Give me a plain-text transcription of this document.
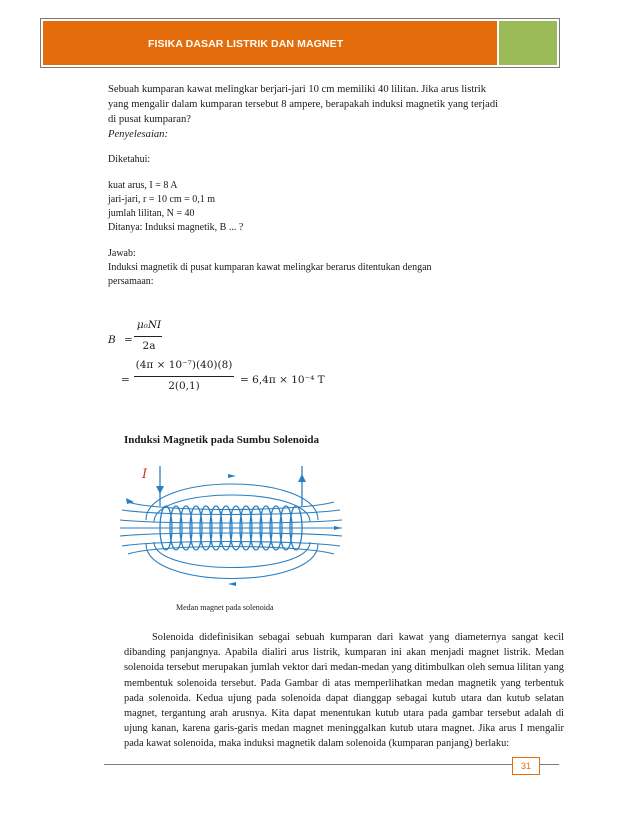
FISIKA DASAR LISTRIK DAN MAGNET
Sebuah kumparan kawat melingkar berjari-jari 10 cm memiliki 40 lilitan. Jika arus listrik
yang mengalir dalam kumparan tersebut 8 ampere, berapakah induksi magnetik yang terjadi
di pusat kumparan?
Penyelesaian:
Diketahui:
kuat arus, I = 8 A
jari-jari, r = 10 cm = 0,1 m
jumlah lilitan, N = 40
Ditanya: Induksi magnetik, B ... ?
Jawab:
Induksi magnetik di pusat kumparan kawat melingkar berarus ditentukan dengan
persamaan:
B =
μ₀NI
2a
=
(4π × 10⁻⁷)(40)(8)
2(0,1)	= 6,4π × 10⁻⁴ T
Induksi Magnetik pada Sumbu Solenoida
I
Medan magnet pada solenoida
Solenoida didefinisikan sebagai sebuah kumparan dari kawat yang diameternya sangat kecil dibanding panjangnya. Apabila dialiri arus listrik, kumparan ini akan menjadi magnet listrik. Medan solenoida tersebut merupakan jumlah vektor dari medan-medan yang ditimbulkan oleh semua lilitan yang membentuk solenoida tersebut. Pada Gambar di atas memperlihatkan medan magnetik yang terbentuk pada solenoida. Kedua ujung pada solenoida dapat dianggap sebagai kutub utara dan kutub selatan magnet, tergantung arah arusnya. Kita dapat menentukan kutub utara pada gambar tersebut adalah di ujung kanan, karena garis-garis medan magnet meninggalkan kutub utara magnet. Jika arus I mengalir pada kawat solenoida, maka induksi magnetik dalam solenoida (kumparan panjang) berlaku:
31
